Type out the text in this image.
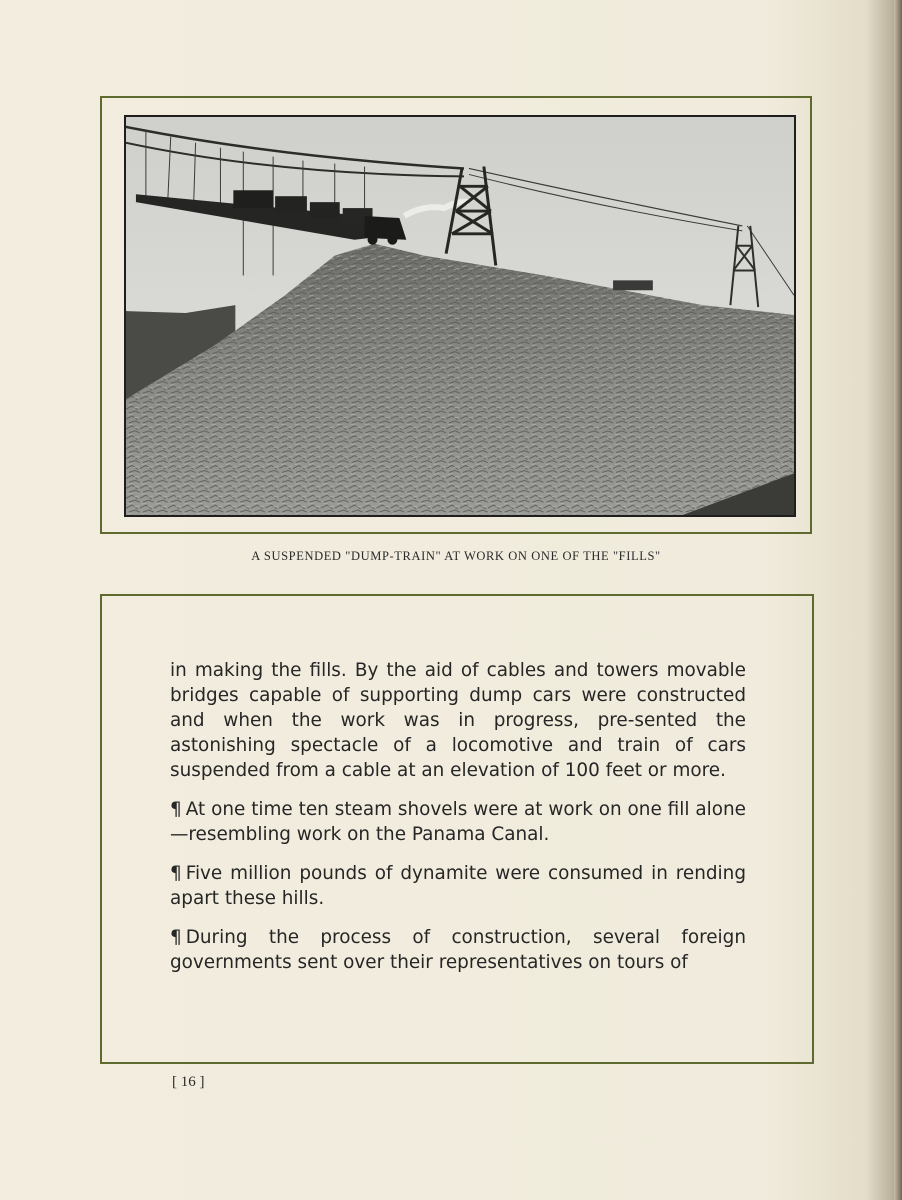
A SUSPENDED "DUMP-TRAIN" AT WORK ON ONE OF THE "FILLS"

in making the fills. By the aid of cables and towers movable bridges capable of supporting dump cars were constructed and when the work was in progress, pre-sented the astonishing spectacle of a locomotive and train of cars suspended from a cable at an elevation of 100 feet or more.

¶ At one time ten steam shovels were at work on one fill alone—resembling work on the Panama Canal.

¶ Five million pounds of dynamite were consumed in rending apart these hills.

¶ During the process of construction, several foreign governments sent over their representatives on tours of

[ 16 ]
